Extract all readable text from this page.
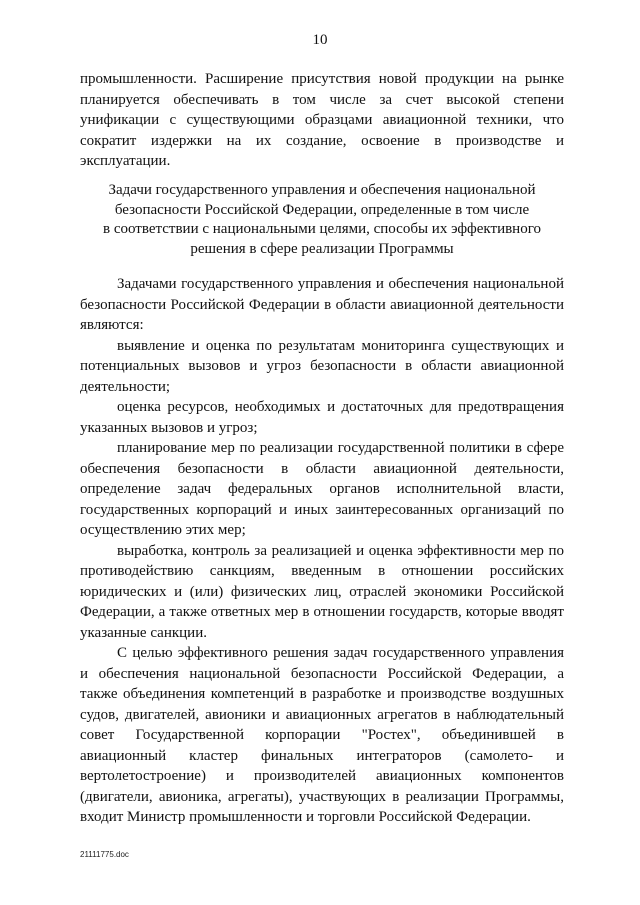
10

промышленности. Расширение присутствия новой продукции на рынке планируется обеспечивать в том числе за счет высокой степени унификации с существующими образцами авиационной техники, что сократит издержки на их создание, освоение в производстве и эксплуатации.

Задачи государственного управления и обеспечения национальной
безопасности Российской Федерации, определенные в том числе
в соответствии с национальными целями, способы их эффективного
решения в сфере реализации Программы

Задачами государственного управления и обеспечения национальной безопасности Российской Федерации в области авиационной деятельности являются:

выявление и оценка по результатам мониторинга существующих и потенциальных вызовов и угроз безопасности в области авиационной деятельности;

оценка ресурсов, необходимых и достаточных для предотвращения указанных вызовов и угроз;

планирование мер по реализации государственной политики в сфере обеспечения безопасности в области авиационной деятельности, определение задач федеральных органов исполнительной власти, государственных корпораций и иных заинтересованных организаций по осуществлению этих мер;

выработка, контроль за реализацией и оценка эффективности мер по противодействию санкциям, введенным в отношении российских юридических и (или) физических лиц, отраслей экономики Российской Федерации, а также ответных мер в отношении государств, которые вводят указанные санкции.

С целью эффективного решения задач государственного управления и обеспечения национальной безопасности Российской Федерации, а также объединения компетенций в разработке и производстве воздушных судов, двигателей, авионики и авиационных агрегатов в наблюдательный совет Государственной корпорации "Ростех", объединившей в авиационный кластер финальных интеграторов (самолето- и вертолетостроение) и производителей авиационных компонентов (двигатели, авионика, агрегаты), участвующих в реализации Программы, входит Министр промышленности и торговли Российской Федерации.

21111775.doc
